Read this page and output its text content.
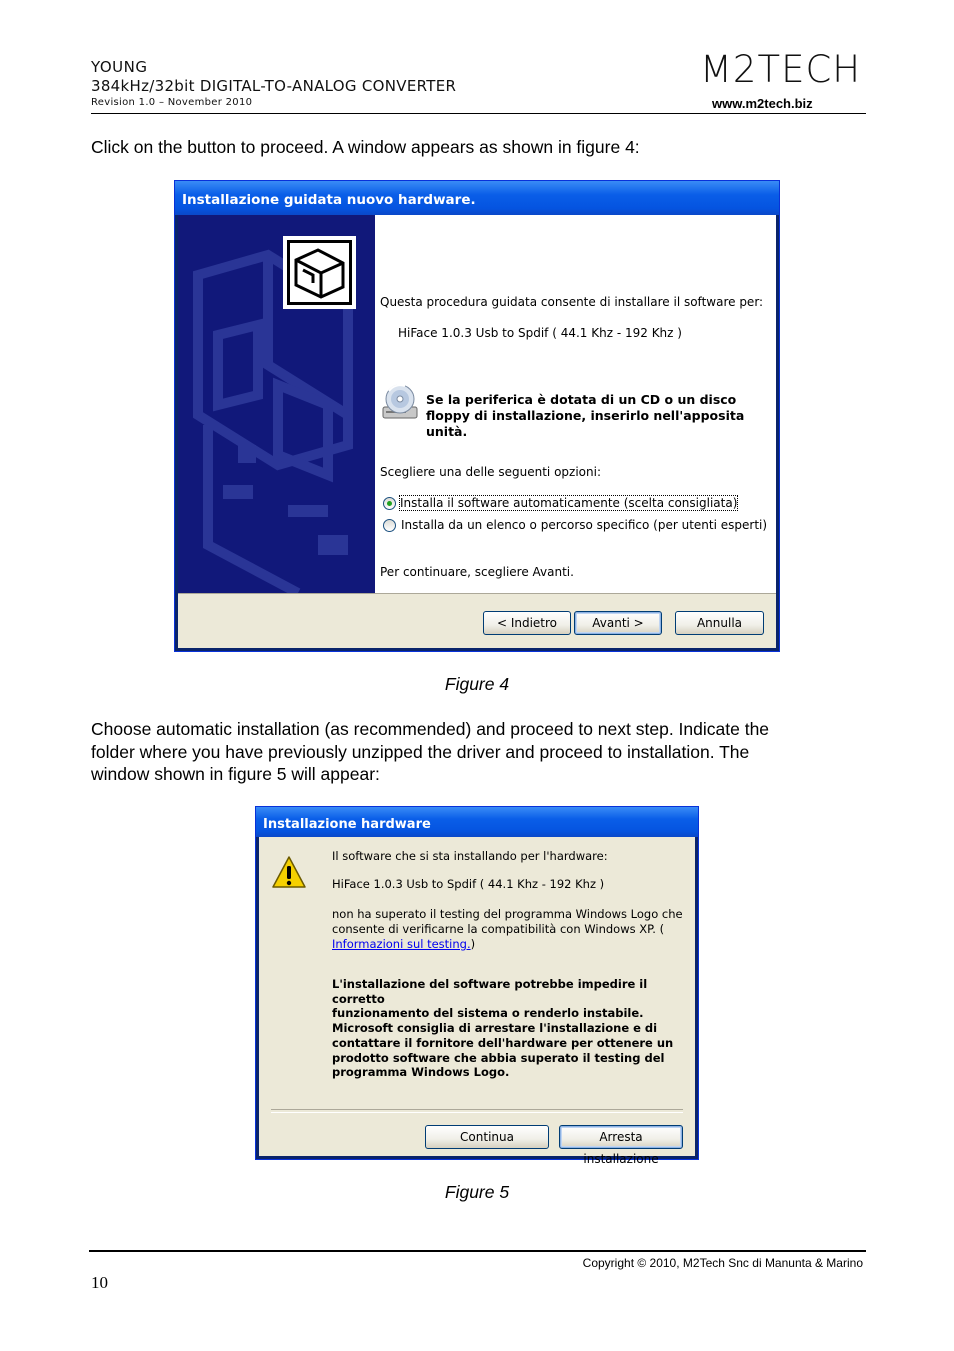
YOUNG
384kHz/32bit DIGITAL-TO-ANALOG CONVERTER
Revision 1.0 – November 2010
M2TECH
www.m2tech.biz
Click on the button to proceed. A window appears as shown in figure 4:
Installazione guidata nuovo hardware.
Questa procedura guidata consente di installare il software per:
HiFace 1.0.3 Usb to Spdif ( 44.1 Khz - 192 Khz )
Se la periferica è dotata di un CD o un disco
floppy di installazione, inserirlo nell'apposita
unità.
Scegliere una delle seguenti opzioni:
Installa il software automaticamente (scelta consigliata)
Installa da un elenco o percorso specifico (per utenti esperti)
Per continuare, scegliere Avanti.
< Indietro	Avanti >	Annulla
Figure 4
Choose automatic installation (as recommended) and proceed to next step. Indicate the
folder where you have previously unzipped the driver and proceed to installation. The
window shown in figure 5 will appear:
Installazione hardware
Il software che si sta installando per l'hardware:
HiFace 1.0.3 Usb to Spdif ( 44.1 Khz - 192 Khz )
non ha superato il testing del programma Windows Logo che
consente di verificarne la compatibilità con Windows XP. (
Informazioni sul testing.)
L'installazione del software potrebbe impedire il corretto
funzionamento del sistema o renderlo instabile.
Microsoft consiglia di arrestare l'installazione e di
contattare il fornitore dell'hardware per ottenere un
prodotto software che abbia superato il testing del
programma Windows Logo.
Continua	Arresta installazione
Figure 5
Copyright © 2010, M2Tech Snc di Manunta & Marino
10
